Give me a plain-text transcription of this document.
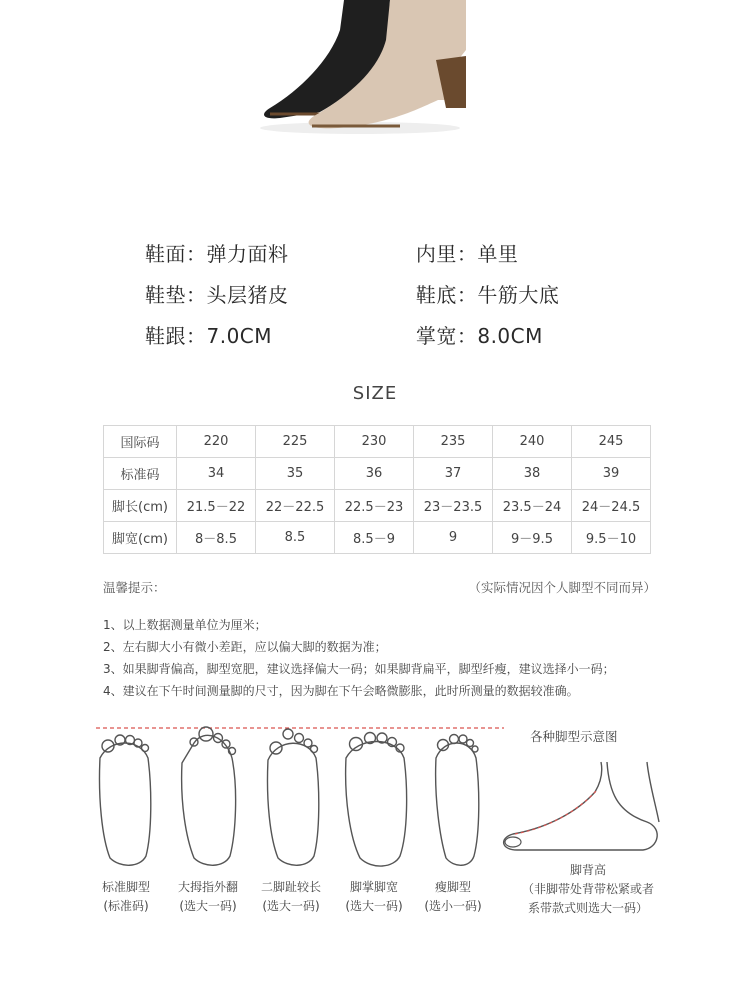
鞋面：弹力面料	内里：单里
鞋垫：头层猪皮	鞋底：牛筋大底
鞋跟：7.0CM	掌宽：8.0CM
SIZE
国际码	220	225	230	235	240	245
标准码	34	35	36	37	38	39
脚长(cm)	21.5－22	22－22.5	22.5－23	23－23.5	23.5－24	24－24.5
脚宽(cm)	8－8.5	8.5	8.5－9	9	9－9.5	9.5－10
温馨提示：	（实际情况因个人脚型不同而异）
1、以上数据测量单位为厘米；
2、左右脚大小有微小差距，应以偏大脚的数据为准；
3、如果脚背偏高，脚型宽肥，建议选择偏大一码；如果脚背扁平，脚型纤瘦，建议选择小一码；
4、建议在下午时间测量脚的尺寸，因为脚在下午会略微膨胀，此时所测量的数据较准确。
标准脚型
(标准码)
大拇指外翻
(选大一码)
二脚趾较长
(选大一码)
脚掌脚宽
(选大一码)
瘦脚型
(选小一码)
各种脚型示意图
脚背高
（非脚带处背带松紧或者
系带款式则选大一码）
